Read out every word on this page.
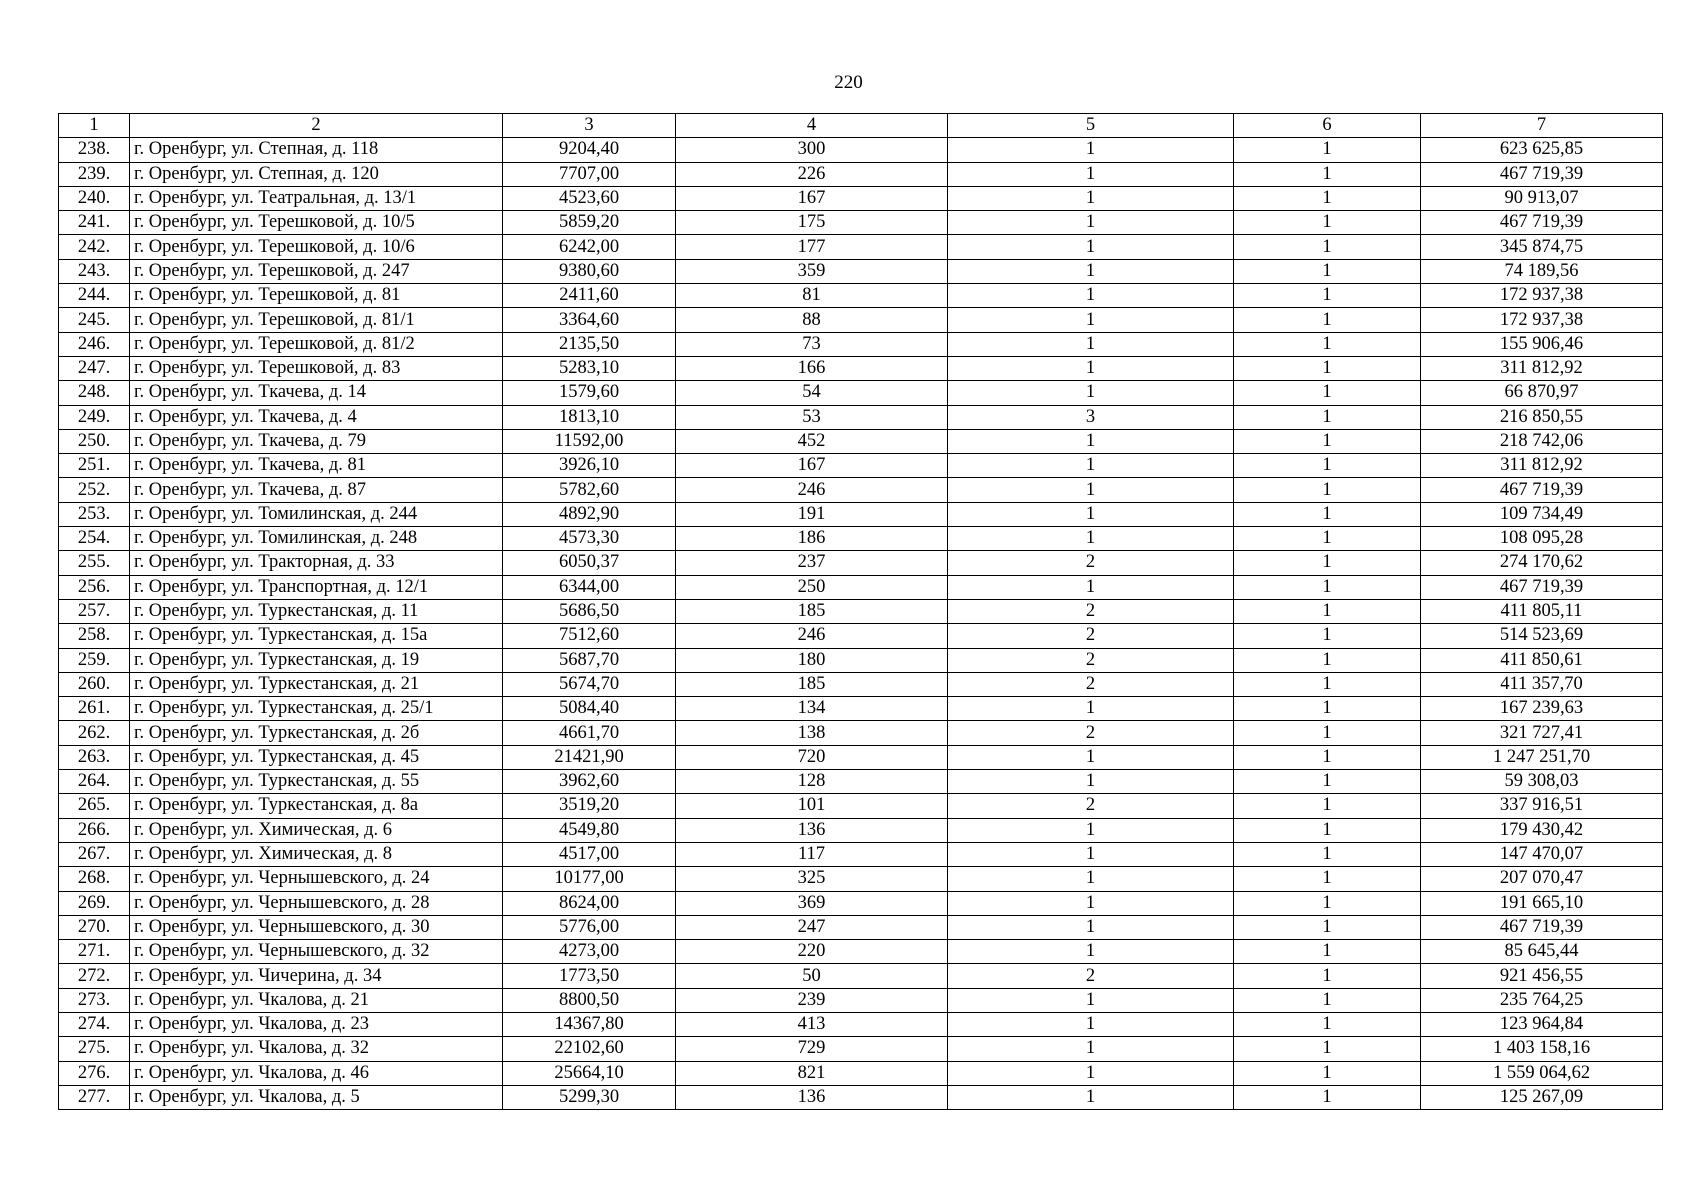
220
1	2	3	4	5	6	7
238.	г. Оренбург, ул. Степная, д. 118	9204,40	300	1	1	623 625,85
239.	г. Оренбург, ул. Степная, д. 120	7707,00	226	1	1	467 719,39
240.	г. Оренбург, ул. Театральная, д. 13/1	4523,60	167	1	1	90 913,07
241.	г. Оренбург, ул. Терешковой, д. 10/5	5859,20	175	1	1	467 719,39
242.	г. Оренбург, ул. Терешковой, д. 10/6	6242,00	177	1	1	345 874,75
243.	г. Оренбург, ул. Терешковой, д. 247	9380,60	359	1	1	74 189,56
244.	г. Оренбург, ул. Терешковой, д. 81	2411,60	81	1	1	172 937,38
245.	г. Оренбург, ул. Терешковой, д. 81/1	3364,60	88	1	1	172 937,38
246.	г. Оренбург, ул. Терешковой, д. 81/2	2135,50	73	1	1	155 906,46
247.	г. Оренбург, ул. Терешковой, д. 83	5283,10	166	1	1	311 812,92
248.	г. Оренбург, ул. Ткачева, д. 14	1579,60	54	1	1	66 870,97
249.	г. Оренбург, ул. Ткачева, д. 4	1813,10	53	3	1	216 850,55
250.	г. Оренбург, ул. Ткачева, д. 79	11592,00	452	1	1	218 742,06
251.	г. Оренбург, ул. Ткачева, д. 81	3926,10	167	1	1	311 812,92
252.	г. Оренбург, ул. Ткачева, д. 87	5782,60	246	1	1	467 719,39
253.	г. Оренбург, ул. Томилинская, д. 244	4892,90	191	1	1	109 734,49
254.	г. Оренбург, ул. Томилинская, д. 248	4573,30	186	1	1	108 095,28
255.	г. Оренбург, ул. Тракторная, д. 33	6050,37	237	2	1	274 170,62
256.	г. Оренбург, ул. Транспортная, д. 12/1	6344,00	250	1	1	467 719,39
257.	г. Оренбург, ул. Туркестанская, д. 11	5686,50	185	2	1	411 805,11
258.	г. Оренбург, ул. Туркестанская, д. 15а	7512,60	246	2	1	514 523,69
259.	г. Оренбург, ул. Туркестанская, д. 19	5687,70	180	2	1	411 850,61
260.	г. Оренбург, ул. Туркестанская, д. 21	5674,70	185	2	1	411 357,70
261.	г. Оренбург, ул. Туркестанская, д. 25/1	5084,40	134	1	1	167 239,63
262.	г. Оренбург, ул. Туркестанская, д. 2б	4661,70	138	2	1	321 727,41
263.	г. Оренбург, ул. Туркестанская, д. 45	21421,90	720	1	1	1 247 251,70
264.	г. Оренбург, ул. Туркестанская, д. 55	3962,60	128	1	1	59 308,03
265.	г. Оренбург, ул. Туркестанская, д. 8а	3519,20	101	2	1	337 916,51
266.	г. Оренбург, ул. Химическая, д. 6	4549,80	136	1	1	179 430,42
267.	г. Оренбург, ул. Химическая, д. 8	4517,00	117	1	1	147 470,07
268.	г. Оренбург, ул. Чернышевского, д. 24	10177,00	325	1	1	207 070,47
269.	г. Оренбург, ул. Чернышевского, д. 28	8624,00	369	1	1	191 665,10
270.	г. Оренбург, ул. Чернышевского, д. 30	5776,00	247	1	1	467 719,39
271.	г. Оренбург, ул. Чернышевского, д. 32	4273,00	220	1	1	85 645,44
272.	г. Оренбург, ул. Чичерина, д. 34	1773,50	50	2	1	921 456,55
273.	г. Оренбург, ул. Чкалова, д. 21	8800,50	239	1	1	235 764,25
274.	г. Оренбург, ул. Чкалова, д. 23	14367,80	413	1	1	123 964,84
275.	г. Оренбург, ул. Чкалова, д. 32	22102,60	729	1	1	1 403 158,16
276.	г. Оренбург, ул. Чкалова, д. 46	25664,10	821	1	1	1 559 064,62
277.	г. Оренбург, ул. Чкалова, д. 5	5299,30	136	1	1	125 267,09
